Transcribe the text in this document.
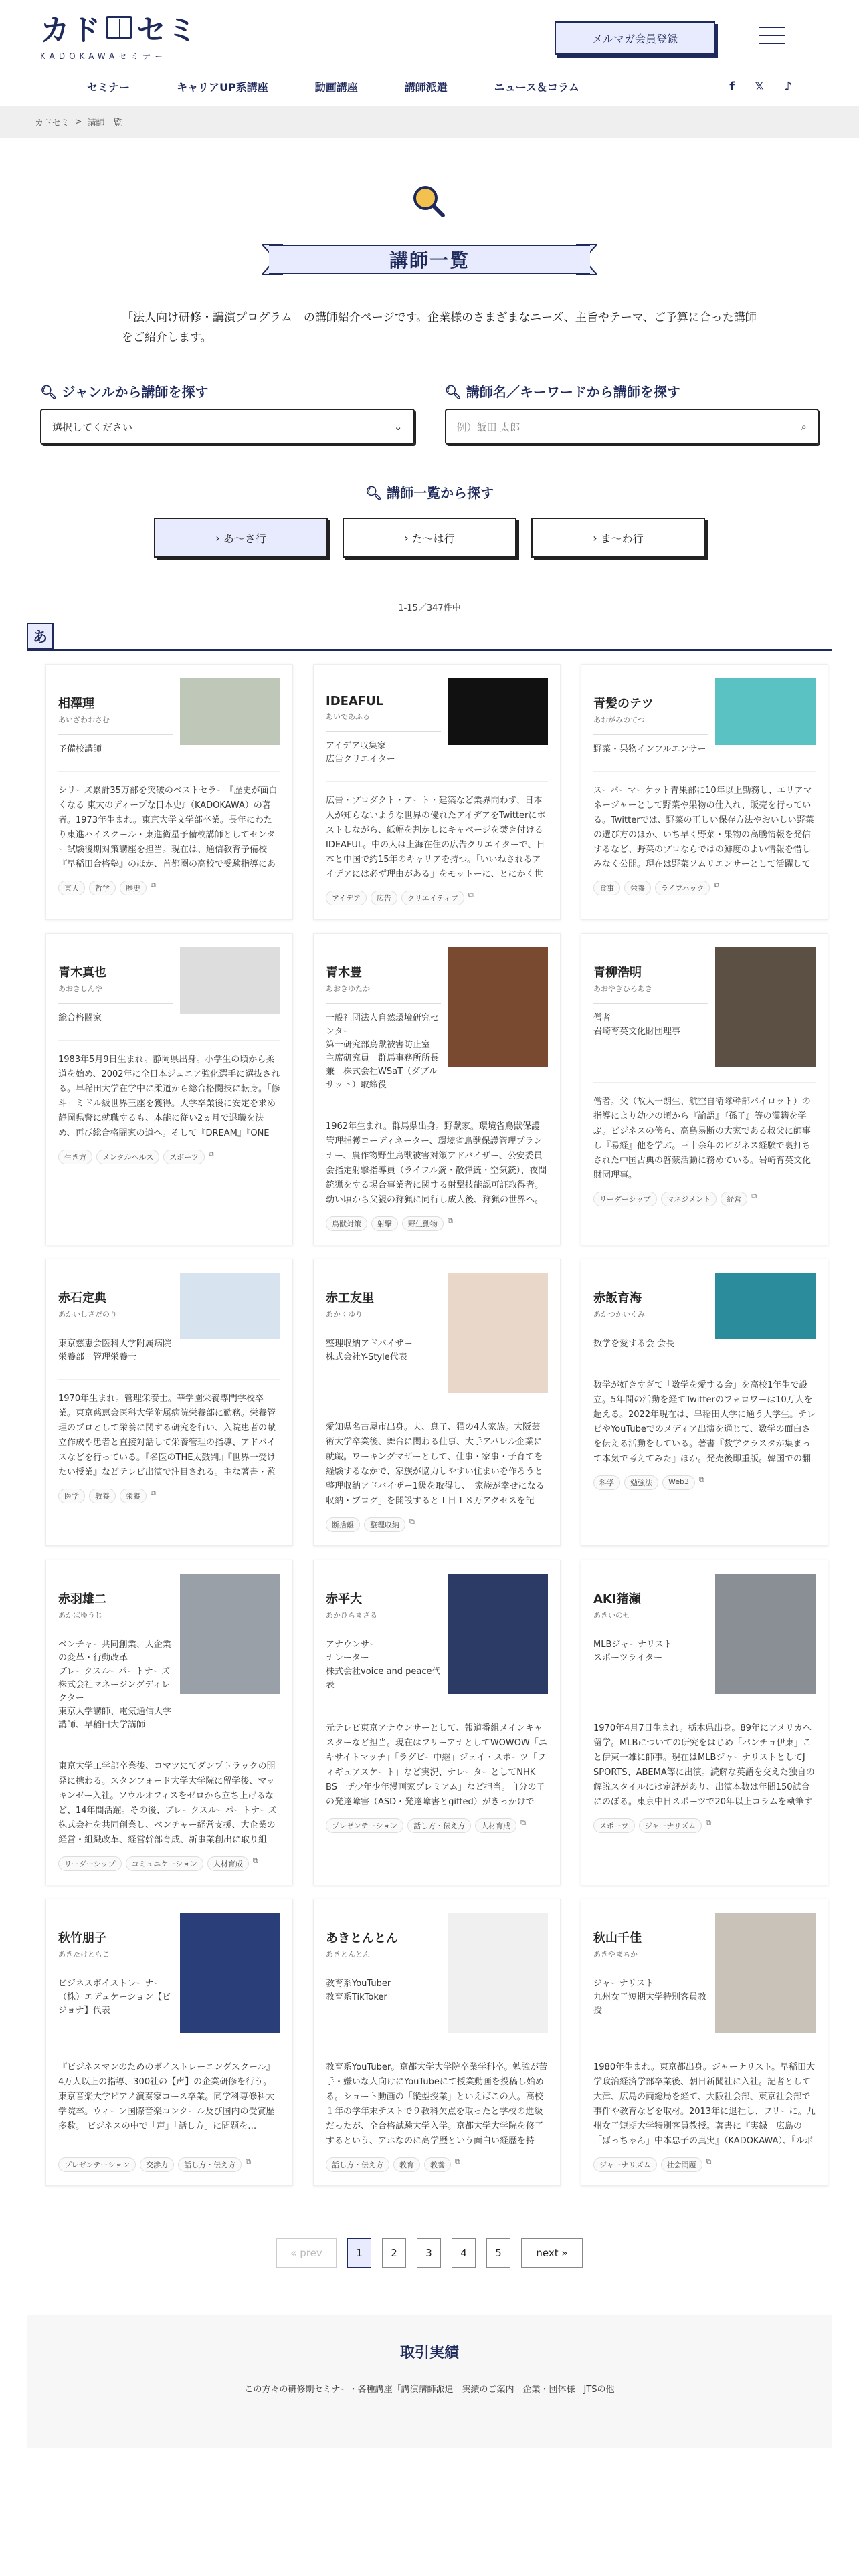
カド セミ
KADOKAWAセミナー
メルマガ会員登録
セミナー	キャリアUP系講座	動画講座	講師派遣	ニュース＆コラム	f 𝕏 ♪
カドセミ > 講師一覧
講師一覧

「法人向け研修・講演プログラム」の講師紹介ページです。企業様のさまざまなニーズ、主旨やテーマ、ご予算に合った講師をご紹介します。

🔍︎ ジャンルから講師を探す
選択してください	⌄
🔍︎ 講師名／キーワードから講師を探す
例）飯田 太郎	⌕
🔍︎ 講師一覧から探す
› あ〜さ行	› た〜は行	› ま〜わ行
1-15／347件中
あ
相澤理
あいざわおさむ
予備校講師
シリーズ累計35万部を突破のベストセラー『歴史が面白くなる 東大のディープな日本史』（KADOKAWA）の著者。1973年生まれ。東京大学文学部卒業。長年にわたり東進ハイスクール・東進衛星予備校講師としてセンター試験後期対策講座を担当。現在は、通信教育予備校『早稲田合格塾』のほか、首都圏の高校で受験指導にあ
東大	哲学	歴史	⧉
IDEAFUL
あいであふる
アイデア収集家
広告クリエイター
広告・プロダクト・アート・建築など業界問わず、日本人が知らないような世界の優れたアイデアをTwitterにポストしながら、紙幅を割かしにキャベージを焚き付けるIDEAFUL。中の人は上海在住の広告クリエイターで、日本と中国で約15年のキャリアを持つ。「いいねされるアイデアには必ず理由がある」をモットーに、とにかく世
アイデア	広告	クリエイティブ	⧉
青髪のテツ
あおがみのてつ
野菜・果物インフルエンサー
スーパーマーケット青果部に10年以上勤務し、エリアマネージャーとして野菜や果物の仕入れ、販売を行っている。Twitterでは、野菜の正しい保存方法やおいしい野菜の選び方のほか、いち早く野菜・果物の高騰情報を発信するなど、野菜のプロならではの鮮度のよい情報を惜しみなく公開。現在は野菜ソムリエンサーとして活躍して
食事	栄養	ライフハック	⧉
青木真也
あおきしんや
総合格闘家
1983年5月9日生まれ。静岡県出身。小学生の頃から柔道を始め、2002年に全日本ジュニア強化選手に選抜される。早稲田大学在学中に柔道から総合格闘技に転身。「修斗」ミドル級世界王座を獲得。大学卒業後に安定を求め静岡県警に就職するも、本能に従い2ヵ月で退職を決め、再び総合格闘家の道へ。そして『DREAM』『ONE
生き方	メンタルヘルス	スポーツ	⧉
青木豊
あおきゆたか
一般社団法人自然環境研究センター
第一研究部鳥獣被害防止室
主席研究員　群馬事務所所長
兼　株式会社WSaT（ダブルサット）取締役
1962年生まれ。群馬県出身。野獣家。環境省鳥獣保護管理捕獲コーディネーター、環境省鳥獣保護管理プランナー、農作物野生鳥獣被害対策アドバイザー、公安委員会指定射撃指導員（ライフル銃・散弾銃・空気銃）、夜間銃猟をする場合事業者に関する射撃技能認可証取得者。幼い頃から父親の狩猟に同行し成人後、狩猟の世界へ。
鳥獣対策	射撃	野生動物	⧉
青柳浩明
あおやぎひろあき
僧者
岩崎育英文化財団理事
僧者。父（故大一朗生、航空自衛隊幹部パイロット）の指導により幼少の頃から『論語』『孫子』等の漢籍を学ぶ。ビジネスの傍ら、高島易断の大家である叔父に師事し『易経』他を学ぶ。三十余年のビジネス経験で裏打ちされた中国古典の啓蒙活動に務めている。岩崎育英文化財団理事。
リーダーシップ	マネジメント	経営	⧉
赤石定典
あかいしさだのり
東京慈恵会医科大学附属病院栄養部　管理栄養士
1970年生まれ。管理栄養士。華学園栄養専門学校卒業。東京慈恵会医科大学附属病院栄養部に勤務。栄養管理のプロとして栄養に関する研究を行い、入院患者の献立作成や患者と直接対話して栄養管理の指導、アドバイスなどを行っている。『名医のTHE太鼓判』『世界一受けたい授業』などテレビ出演で注目される。主な著書・監
医学	教養	栄養	⧉
赤工友里
あかくゆり
整理収納アドバイザー
株式会社Y-Style代表
愛知県名古屋市出身。夫、息子、猫の4人家族。大阪芸術大学卒業後、舞台に関わる仕事、大手アパレル企業に就職。ワーキングマザーとして、仕事・家事・子育てを経験するなかで、家族が協力しやすい住まいを作ろうと整理収納アドバイザー1級を取得し、「家族が幸せになる収納・ブログ」を開設すると１日１８万アクセスを記
断捨離	整理収納	⧉
赤飯育海
あかつかいくみ
数学を愛する会 会長
数学が好きすぎて「数学を愛する会」を高校1年生で設立。5年間の活動を経てTwitterのフォロワーは10万人を超える。2022年現在は、早稲田大学に通う大学生。テレビやYouTubeでのメディア出演を通じて、数学の面白さを伝える活動をしている。著書『数学クラスタが集まって本気で考えてみた』ほか。発売後即重版。韓国での翻
科学	勉強法	Web3	⧉
赤羽雄二
あかばゆうじ
ベンチャー共同創業、大企業の変革・行動改革
ブレークスルーパートナーズ株式会社マネージングディレクター
東京大学講師、電気通信大学講師、早稲田大学講師
東京大学工学部卒業後、コマツにてダンプトラックの開発に携わる。スタンフォード大学大学院に留学後、マッキンゼー入社。ソウルオフィスをゼロから立ち上げるなど、14年間活躍。その後、ブレークスルーパートナーズ株式会社を共同創業し、ベンチャー経営支援、大企業の経営・組織改革、経営幹部育成、新事業創出に取り組
リーダーシップ	コミュニケーション	人材育成	⧉
赤平大
あかひらまさる
アナウンサー
ナレーター
株式会社voice and peace代表
元テレビ東京アナウンサーとして、報道番組メインキャスターなど担当。現在はフリーアナとしてWOWOW「エキサイトマッチ」「ラグビー中継」ジェイ・スポーツ「フィギュアスケート」など実況、ナレーターとしてNHK BS「ザ少年少年漫画家プレミアム」など担当。自分の子の発達障害（ASD・発達障害とgifted）がきっかけで
プレゼンテーション	話し方・伝え方	人材育成	⧉
AKI猪瀬
あきいのせ
MLBジャーナリスト
スポーツライター
1970年4月7日生まれ。栃木県出身。89年にアメリカへ留学。MLBについての研究をはじめ「パンチョ伊東」こと伊東一雄に師事。現在はMLBジャーナリストとしてJ SPORTS、ABEMA等に出演。読解な英語を交えた独自の解説スタイルには定評があり、出演本数は年間150試合にのぼる。東京中日スポーツで20年以上コラムを執筆す
スポーツ	ジャーナリズム	⧉
秋竹朋子
あきたけともこ
ビジネスボイストレーナー
（株）エデュケーション【ビジョナ】代表
『ビジネスマンのためのボイストレーニングスクール』 4万人以上の指導、300社の【声】の企業研修を行う。東京音楽大学ピアノ演奏家コース卒業。同学科専修科大学院卒。ウィーン国際音楽コンクール及び国内の受賞歴多数。 ビジネスの中で「声」「話し方」に問題を…
プレゼンテーション	交渉力	話し方・伝え方	⧉
あきとんとん
あきとんとん
教育系YouTuber
教育系TikToker
教育系YouTuber。京都大学大学院卒業学科卒。勉強が苦手・嫌いな人向けにYouTubeにて授業動画を投稿し始める。ショート動画の「縦型授業」といえばこの人。高校１年の学年末テストで９教科欠点を取ったと学校の進級だったが、全合格試験大学入学。京都大学大学院を修了するという、アホなのに高学歴という面白い経歴を持
話し方・伝え方	教育	教養	⧉
秋山千佳
あきやまちか
ジャーナリスト
九州女子短期大学特別客員教授
1980年生まれ。東京都出身。ジャーナリスト。早稲田大学政治経済学部卒業後、朝日新聞社に入社。記者として大津、広島の両総局を経て、大阪社会部、東京社会部で事件や教育などを取材。2013年に退社し、フリーに。九州女子短期大学特別客員教授。著書に『実録　広島の「ばっちゃん」中本忠子の真実』（KADOKAWA）、『ルポ　
ジャーナリズム	社会問題	⧉
« prev	1	2	3	4	5	next »
取引実績

この方々の研修期セミナー・各種講座「講演講師派遣」実績のご案内　企業・団体様　JTSの他
